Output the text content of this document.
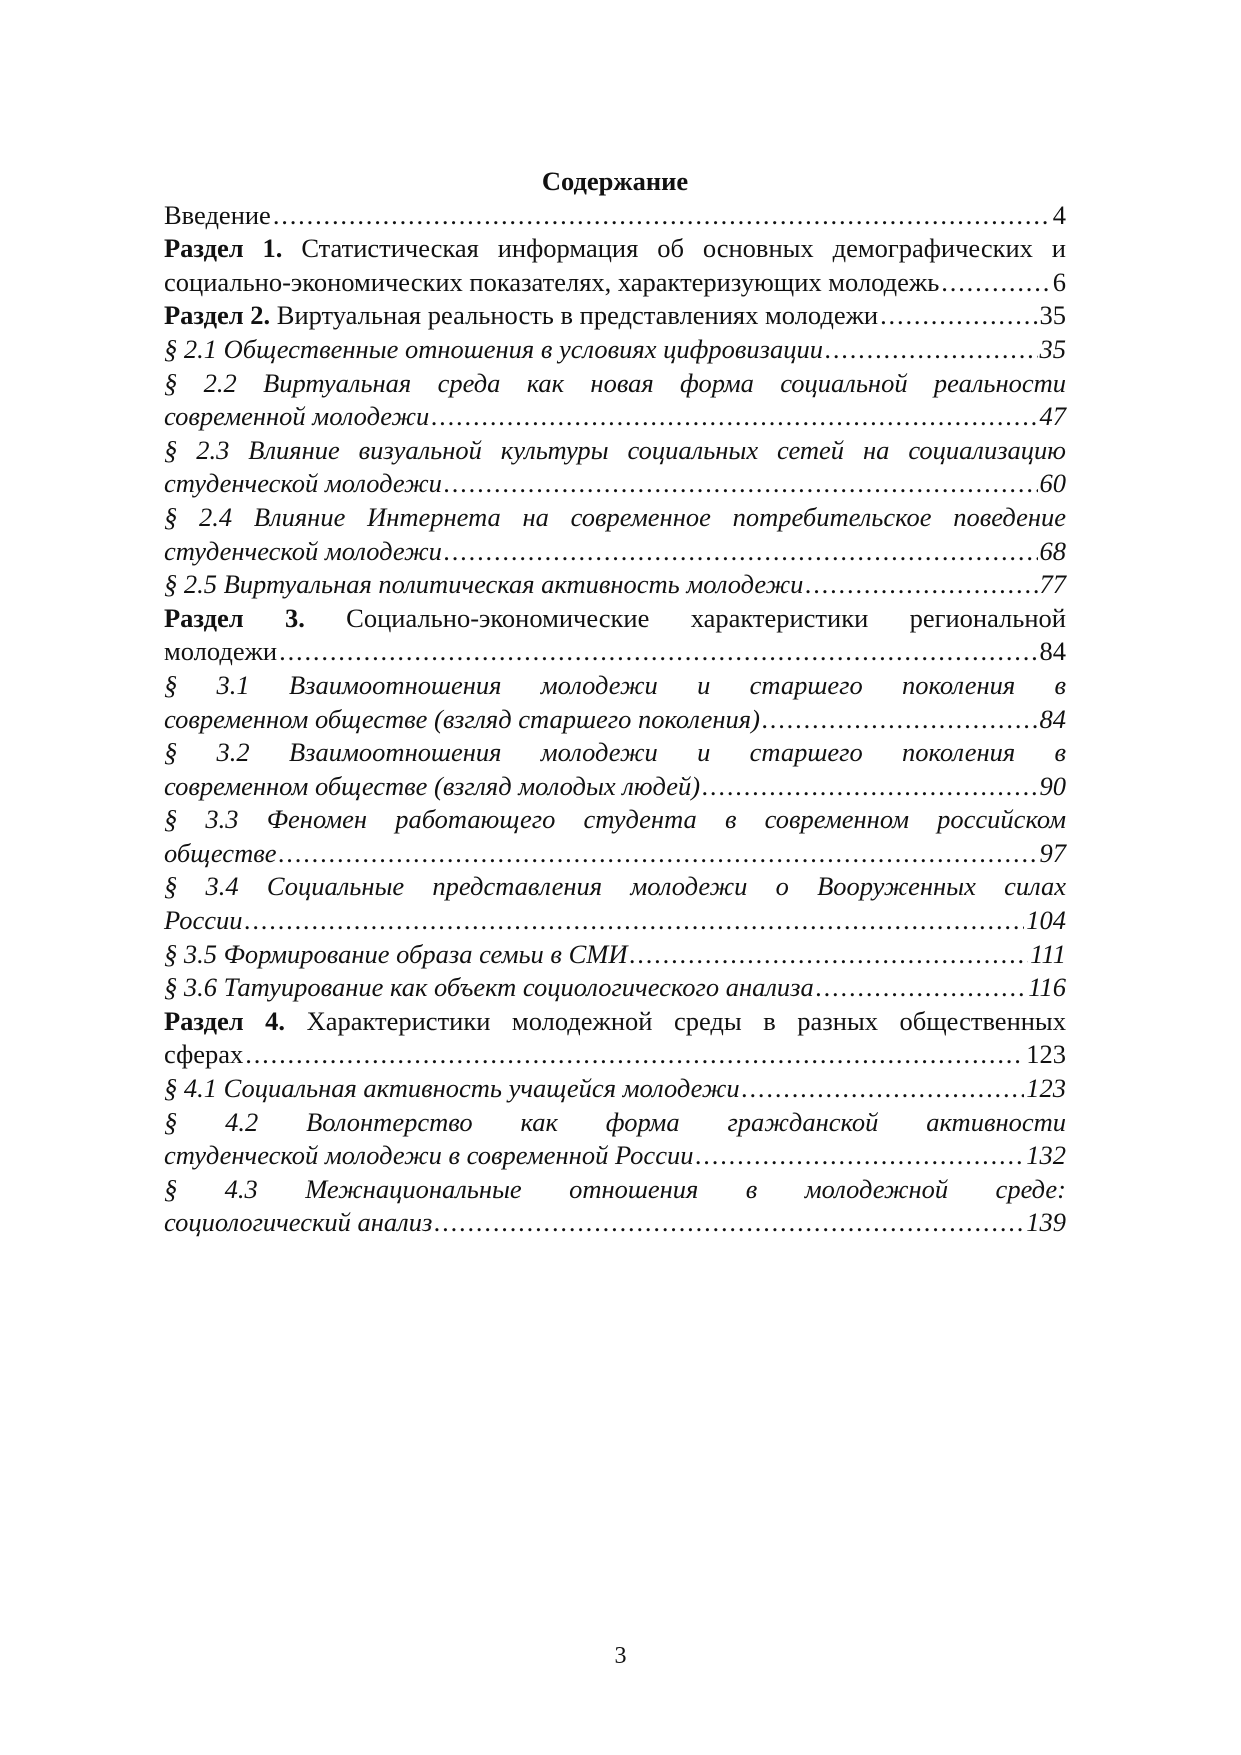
Содержание
Введение . . .	4
Раздел 1. Статистическая информация об основных демографических и
социально-экономических показателях, характеризующих молодежь . . .	6
Раздел 2. Виртуальная реальность в представлениях молодежи . . .	35
§ 2.1 Общественные отношения в условиях цифровизации . . .	35
§ 2.2 Виртуальная среда как новая форма социальной реальности
современной молодежи . . .	47
§ 2.3 Влияние визуальной культуры социальных сетей на социализацию
студенческой молодежи . . .	60
§ 2.4 Влияние Интернета на современное потребительское поведение
студенческой молодежи . . .	68
§ 2.5 Виртуальная политическая активность молодежи . . .	77
Раздел 3. Социально-экономические характеристики региональной
молодежи . . .	84
§ 3.1 Взаимоотношения молодежи и старшего поколения в
современном обществе (взгляд старшего поколения) . . .	84
§ 3.2 Взаимоотношения молодежи и старшего поколения в
современном обществе (взгляд молодых людей) . . .	90
§ 3.3 Феномен работающего студента в современном российском
обществе . . .	97
§ 3.4 Социальные представления молодежи о Вооруженных силах
России . . .	104
§ 3.5 Формирование образа семьи в СМИ . . .	111
§ 3.6 Татуирование как объект социологического анализа . . .	116
Раздел 4. Характеристики молодежной среды в разных общественных
сферах . . .	123
§ 4.1 Социальная активность учащейся молодежи . . .	123
§ 4.2 Волонтерство как форма гражданской активности
студенческой молодежи в современной России . . .	132
§ 4.3 Межнациональные отношения в молодежной среде:
социологический анализ . . .	139
3
